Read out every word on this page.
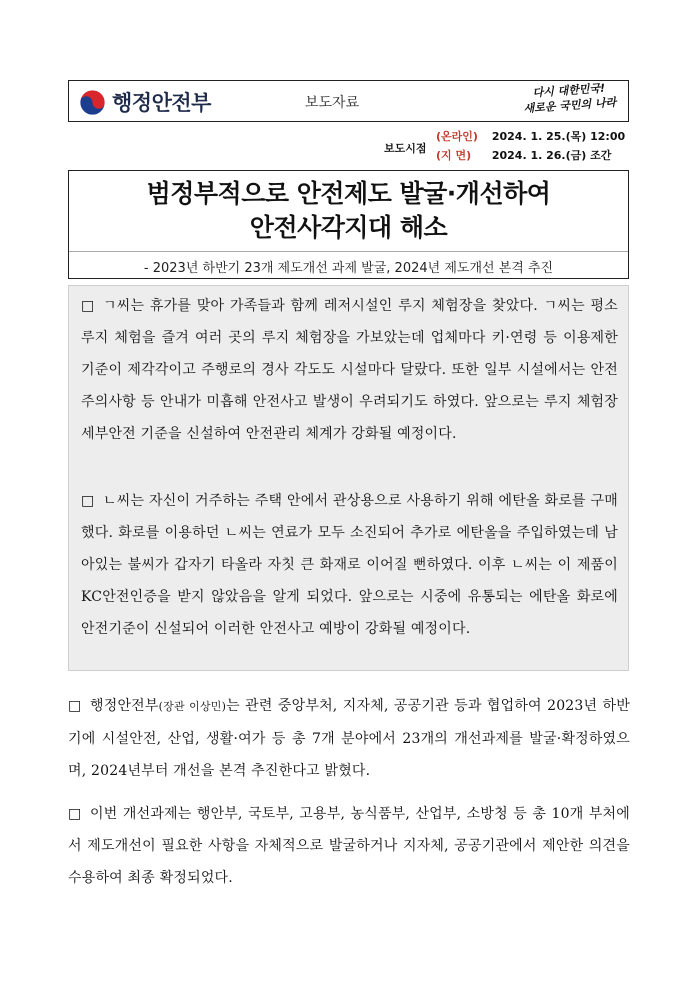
행정안전부	보도자료
다시 대한민국!
새로운 국민의 나라
보도시점
(온라인) 2024. 1. 25.(목) 12:00
(지 면) 2024. 1. 26.(금) 조간
범정부적으로 안전제도 발굴·개선하여
안전사각지대 해소
- 2023년 하반기 23개 제도개선 과제 발굴, 2024년 제도개선 본격 추진
□ ㄱ씨는 휴가를 맞아 가족들과 함께 레저시설인 루지 체험장을 찾았다. ㄱ씨는 평소 루지 체험을 즐겨 여러 곳의 루지 체험장을 가보았는데 업체마다 키·연령 등 이용제한 기준이 제각각이고 주행로의 경사 각도도 시설마다 달랐다. 또한 일부 시설에서는 안전 주의사항 등 안내가 미흡해 안전사고 발생이 우려되기도 하였다. 앞으로는 루지 체험장 세부안전 기준을 신설하여 안전관리 체계가 강화될 예정이다.
□ ㄴ씨는 자신이 거주하는 주택 안에서 관상용으로 사용하기 위해 에탄올 화로를 구매했다. 화로를 이용하던 ㄴ씨는 연료가 모두 소진되어 추가로 에탄올을 주입하였는데 남아있는 불씨가 갑자기 타올라 자칫 큰 화재로 이어질 뻔하였다. 이후 ㄴ씨는 이 제품이 KC안전인증을 받지 않았음을 알게 되었다. 앞으로는 시중에 유통되는 에탄올 화로에 안전기준이 신설되어 이러한 안전사고 예방이 강화될 예정이다.
□ 행정안전부(장관 이상민)는 관련 중앙부처, 지자체, 공공기관 등과 협업하여 2023년 하반기에 시설안전, 산업, 생활·여가 등 총 7개 분야에서 23개의 개선과제를 발굴·확정하였으며, 2024년부터 개선을 본격 추진한다고 밝혔다.
□ 이번 개선과제는 행안부, 국토부, 고용부, 농식품부, 산업부, 소방청 등 총 10개 부처에서 제도개선이 필요한 사항을 자체적으로 발굴하거나 지자체, 공공기관에서 제안한 의견을 수용하여 최종 확정되었다.
